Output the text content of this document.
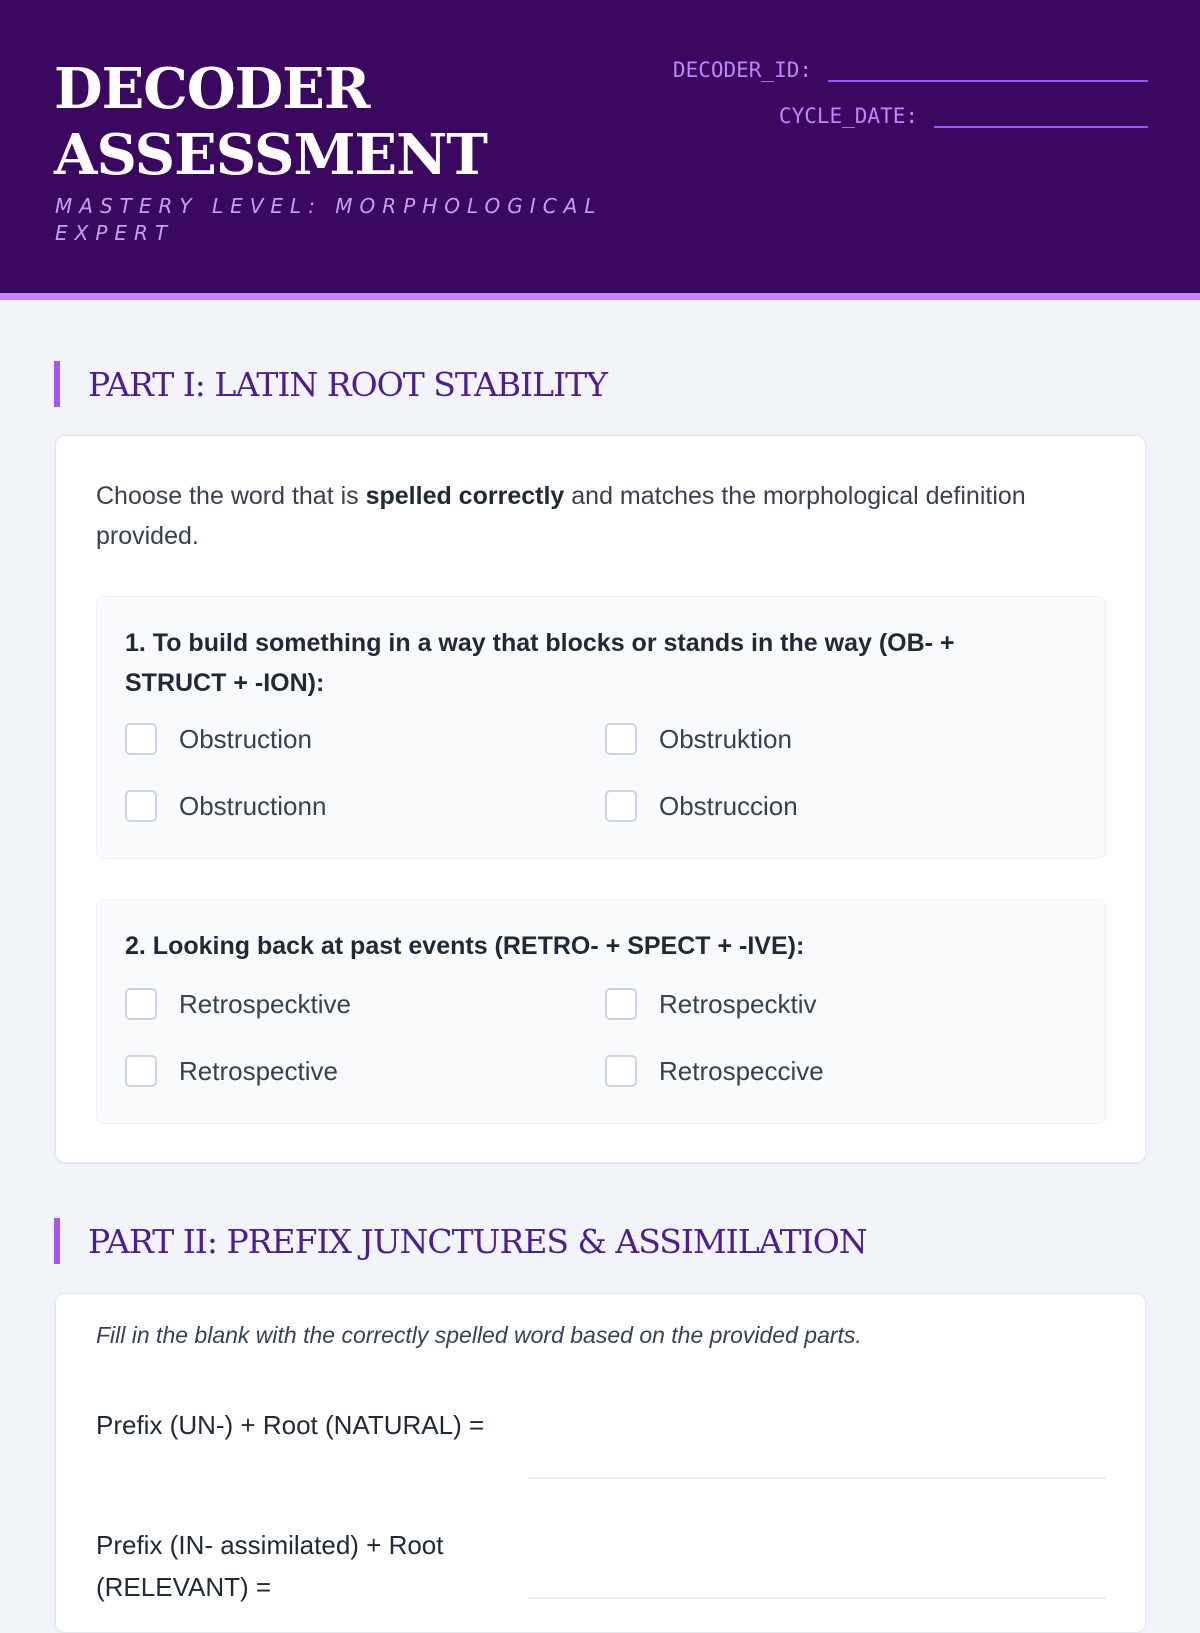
DECODER
ASSESSMENT
MASTERY LEVEL: MORPHOLOGICAL EXPERT
DECODER_ID:
CYCLE_DATE:
PART I: LATIN ROOT STABILITY

Choose the word that is spelled correctly and matches the morphological definition provided.

1. To build something in a way that blocks or stands in the way (OB- + STRUCT + -ION):
Obstruction	Obstruktion
Obstructionn	Obstruccion
2. Looking back at past events (RETRO- + SPECT + -IVE):
Retrospecktive	Retrospecktiv
Retrospective	Retrospeccive
PART II: PREFIX JUNCTURES & ASSIMILATION
Fill in the blank with the correctly spelled word based on the provided parts.
Prefix (UN-) + Root (NATURAL) =
Prefix (IN- assimilated) + Root (RELEVANT) =
